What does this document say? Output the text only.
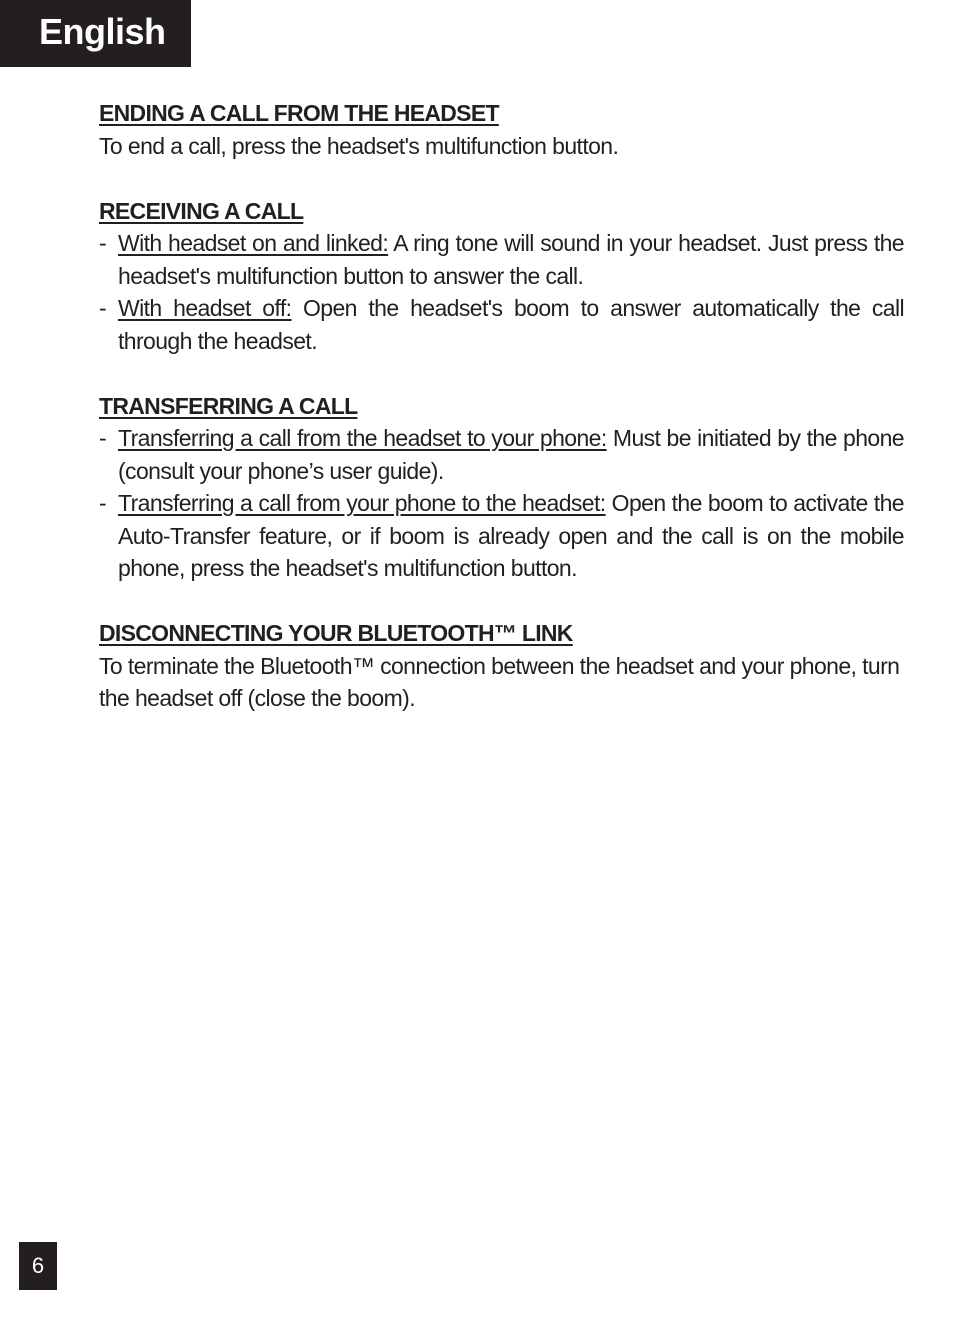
English
ENDING A CALL FROM THE HEADSET

To end a call, press the headset's multifunction button.

RECEIVING A CALL
- With headset on and linked: A ring tone will sound in your headset. Just press the headset's multifunction button to answer the call.
- With headset off: Open the headset's boom to answer automatically the call through the headset.
TRANSFERRING A CALL
- Transferring a call from the headset to your phone: Must be initiated by the phone (consult your phone’s user guide).
- Transferring a call from your phone to the headset: Open the boom to activate the Auto-Transfer feature, or if boom is already open and the call is on the mobile phone, press the headset's multifunction button.
DISCONNECTING YOUR BLUETOOTH™ LINK

To terminate the Bluetooth™ connection between the headset and your phone, turn the headset off (close the boom).

6
